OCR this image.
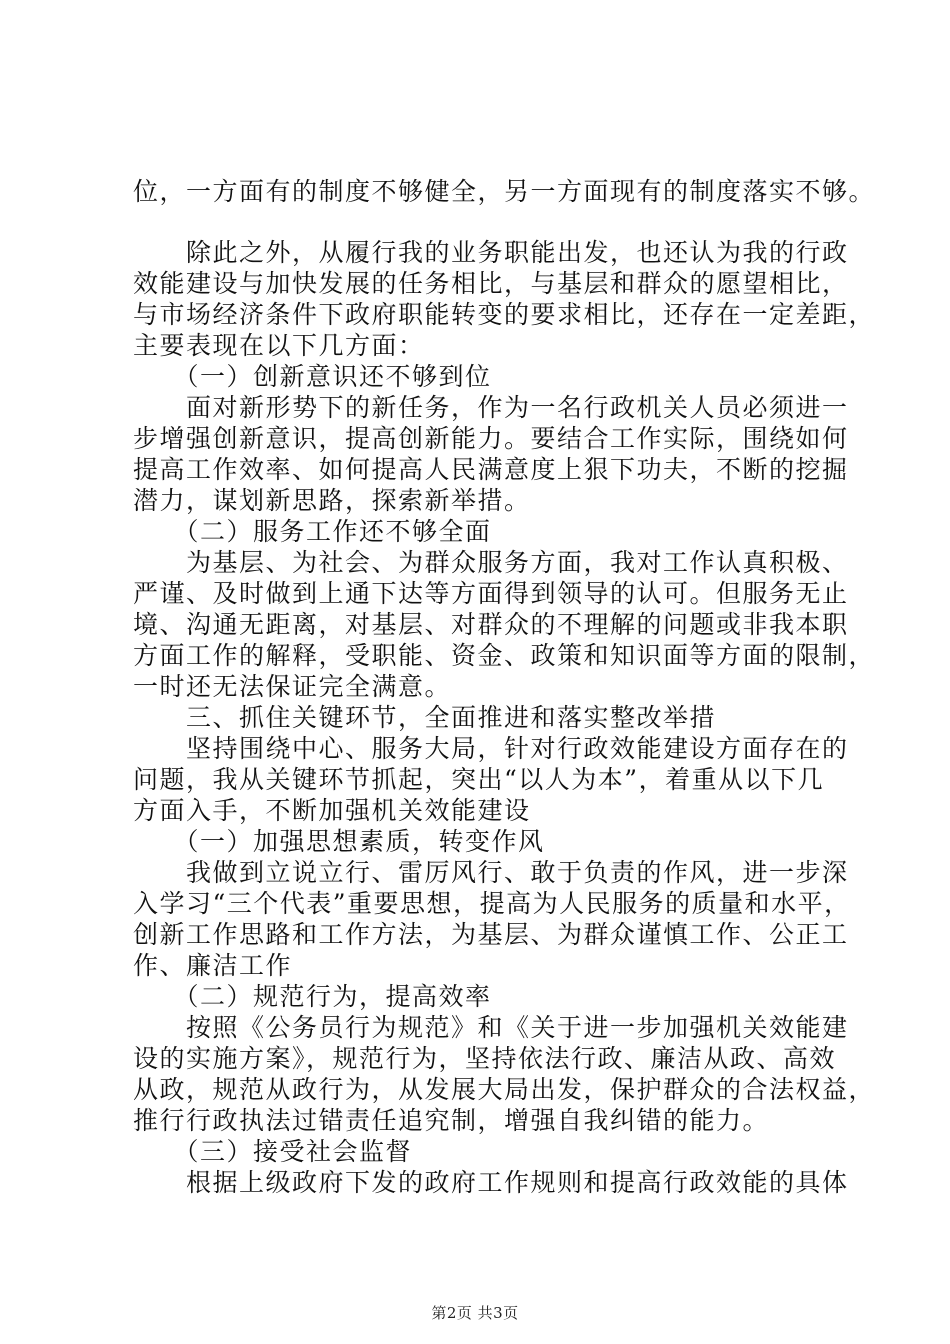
位，一方面有的制度不够健全，另一方面现有的制度落实不够。
　　除此之外，从履行我的业务职能出发，也还认为我的行政
效能建设与加快发展的任务相比，与基层和群众的愿望相比，
与市场经济条件下政府职能转变的要求相比，还存在一定差距，
主要表现在以下几方面：
　　（一）创新意识还不够到位
　　面对新形势下的新任务，作为一名行政机关人员必须进一
步增强创新意识，提高创新能力。要结合工作实际，围绕如何
提高工作效率、如何提高人民满意度上狠下功夫，不断的挖掘
潜力，谋划新思路，探索新举措。
　　（二）服务工作还不够全面
　　为基层、为社会、为群众服务方面，我对工作认真积极、
严谨、及时做到上通下达等方面得到领导的认可。但服务无止
境、沟通无距离，对基层、对群众的不理解的问题或非我本职
方面工作的解释，受职能、资金、政策和知识面等方面的限制，
一时还无法保证完全满意。
　　三、抓住关键环节，全面推进和落实整改举措
　　坚持围绕中心、服务大局，针对行政效能建设方面存在的
问题，我从关键环节抓起，突出“以人为本”，着重从以下几
方面入手，不断加强机关效能建设
　　（一）加强思想素质，转变作风
　　我做到立说立行、雷厉风行、敢于负责的作风，进一步深
入学习“三个代表”重要思想，提高为人民服务的质量和水平，
创新工作思路和工作方法，为基层、为群众谨慎工作、公正工
作、廉洁工作
　　（二）规范行为，提高效率
　　按照《公务员行为规范》和《关于进一步加强机关效能建
设的实施方案》，规范行为，坚持依法行政、廉洁从政、高效
从政，规范从政行为，从发展大局出发，保护群众的合法权益，
推行行政执法过错责任追究制，增强自我纠错的能力。
　　（三）接受社会监督
　　根据上级政府下发的政府工作规则和提高行政效能的具体
第2页 共3页
